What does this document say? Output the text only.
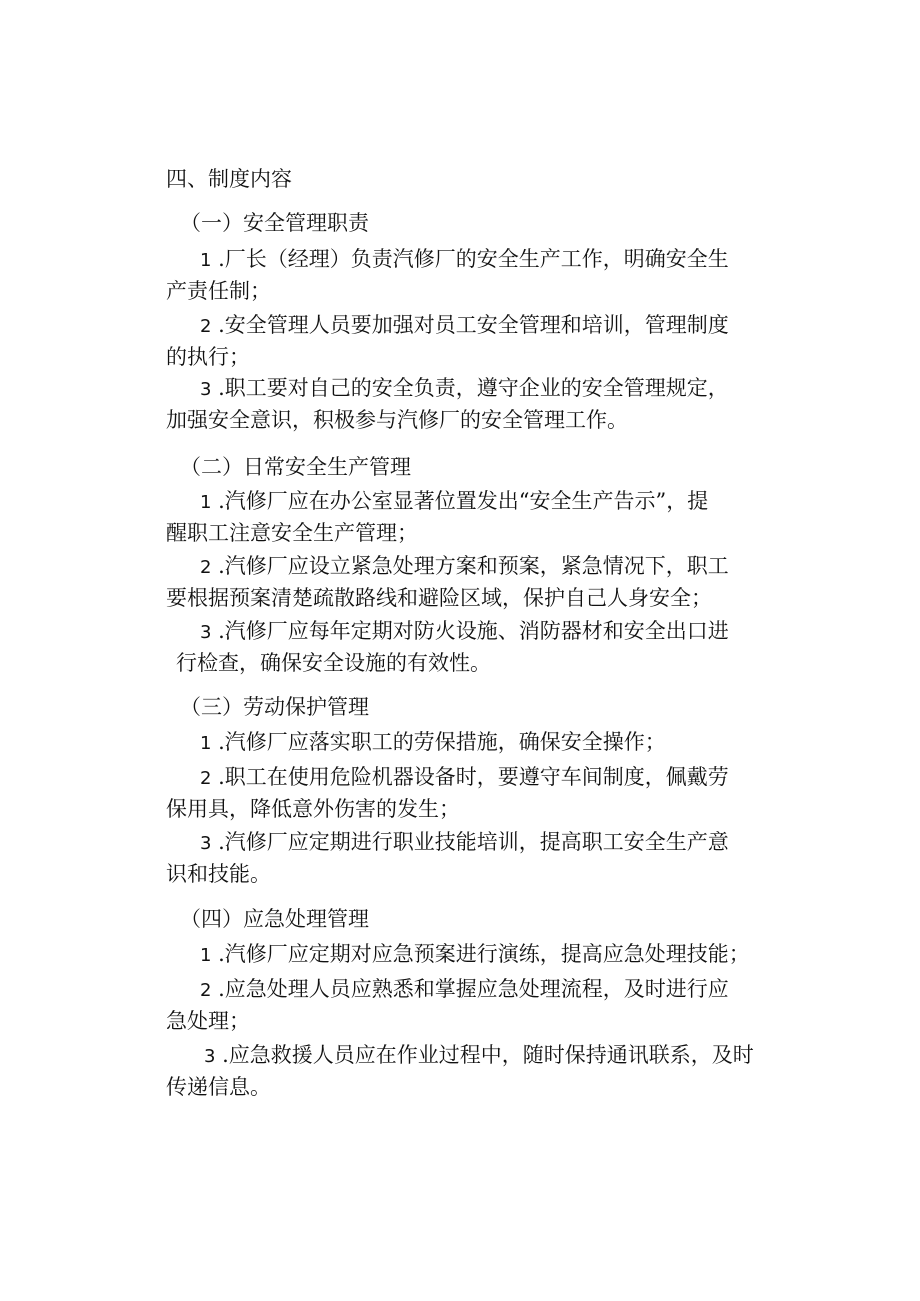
四、制度内容
（一）安全管理职责
1 .厂长（经理）负责汽修厂的安全生产工作，明确安全生
产责任制；
2 .安全管理人员要加强对员工安全管理和培训，管理制度
的执行；
3 .职工要对自己的安全负责，遵守企业的安全管理规定，
加强安全意识，积极参与汽修厂的安全管理工作。
（二）日常安全生产管理
1 .汽修厂应在办公室显著位置发出“安全生产告示”，提
醒职工注意安全生产管理；
2 .汽修厂应设立紧急处理方案和预案，紧急情况下，职工
要根据预案清楚疏散路线和避险区域，保护自己人身安全；
3 .汽修厂应每年定期对防火设施、消防器材和安全出口进
行检查，确保安全设施的有效性。
（三）劳动保护管理
1 .汽修厂应落实职工的劳保措施，确保安全操作；
2 .职工在使用危险机器设备时，要遵守车间制度，佩戴劳
保用具，降低意外伤害的发生；
3 .汽修厂应定期进行职业技能培训，提高职工安全生产意
识和技能。
（四）应急处理管理
1 .汽修厂应定期对应急预案进行演练，提高应急处理技能；
2 .应急处理人员应熟悉和掌握应急处理流程，及时进行应
急处理；
3 .应急救援人员应在作业过程中，随时保持通讯联系，及时
传递信息。
